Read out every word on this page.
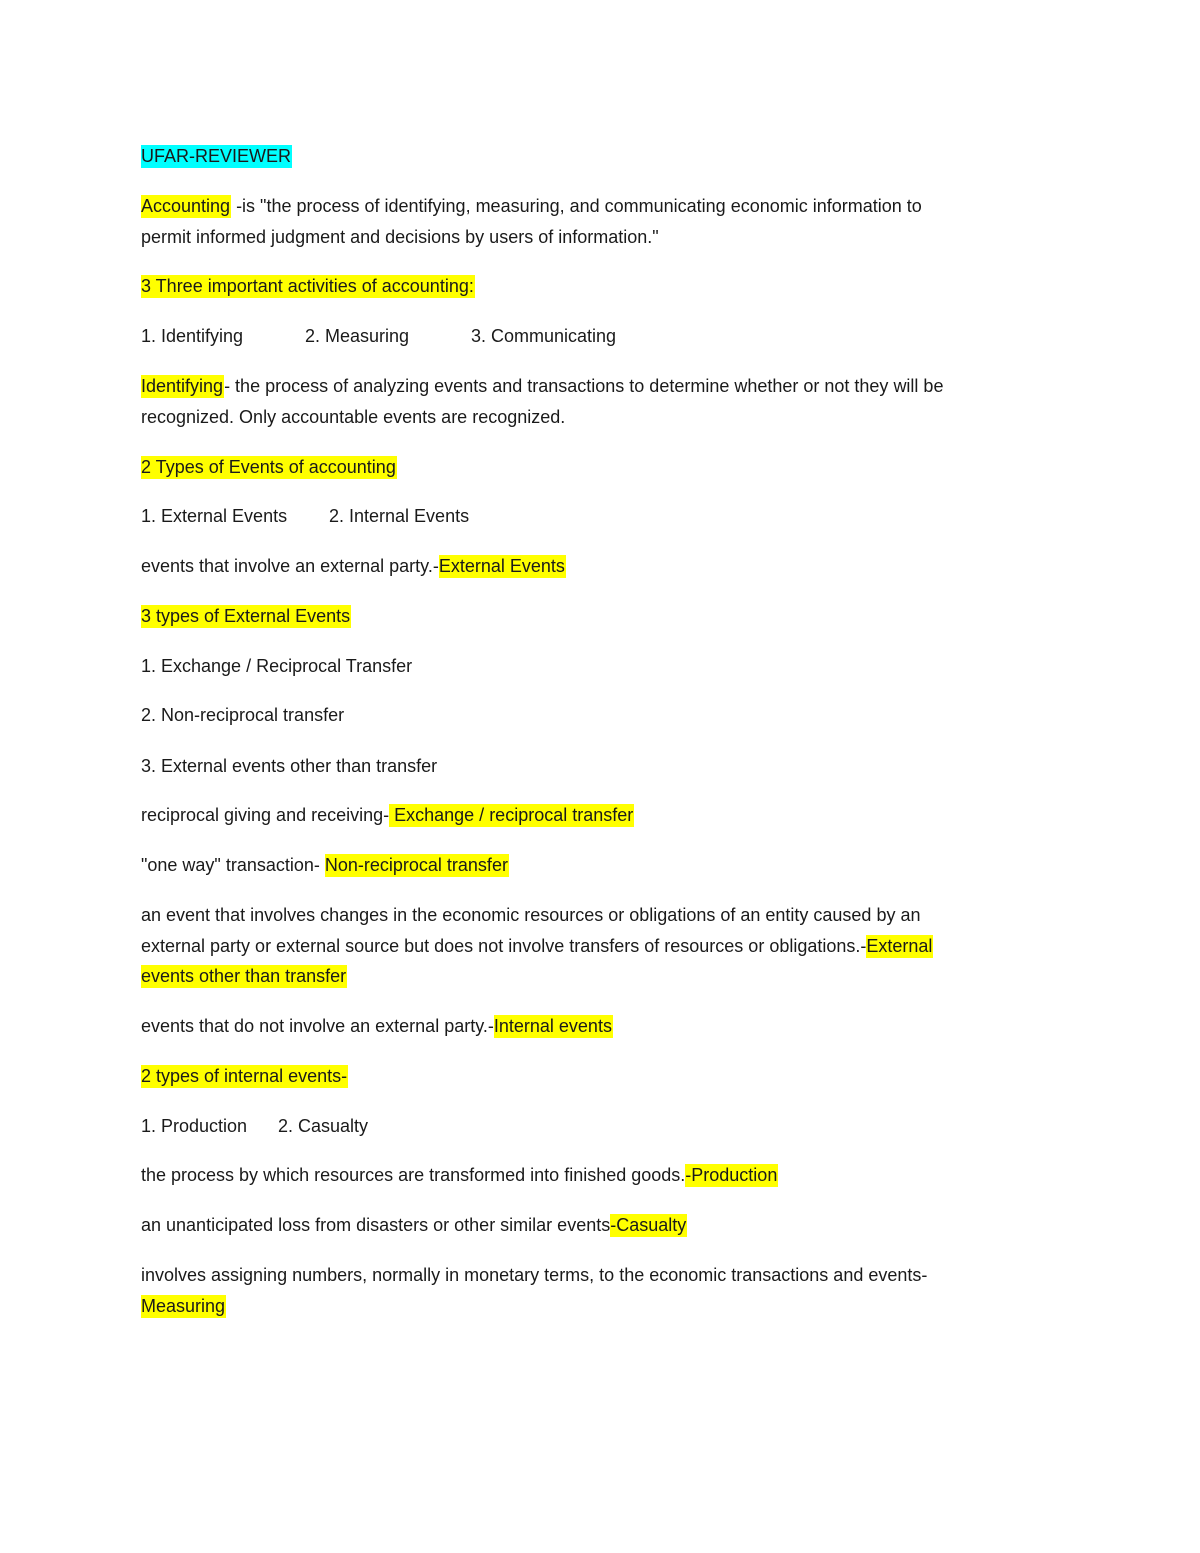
UFAR-REVIEWER
Accounting -is "the process of identifying, measuring, and communicating economic information to
permit informed judgment and decisions by users of information."
3 Three important activities of accounting:
1. Identifying	2. Measuring	3. Communicating
Identifying- the process of analyzing events and transactions to determine whether or not they will be
recognized. Only accountable events are recognized.
2 Types of Events of accounting
1. External Events 2. Internal Events
events that involve an external party.-External Events
3 types of External Events
1. Exchange / Reciprocal Transfer
2. Non-reciprocal transfer
3. External events other than transfer
reciprocal giving and receiving- Exchange / reciprocal transfer
"one way" transaction- Non-reciprocal transfer
an event that involves changes in the economic resources or obligations of an entity caused by an
external party or external source but does not involve transfers of resources or obligations.-External
events other than transfer
events that do not involve an external party.-Internal events
2 types of internal events-
1. Production 2. Casualty
the process by which resources are transformed into finished goods.-Production
an unanticipated loss from disasters or other similar events-Casualty
involves assigning numbers, normally in monetary terms, to the economic transactions and events-
Measuring
